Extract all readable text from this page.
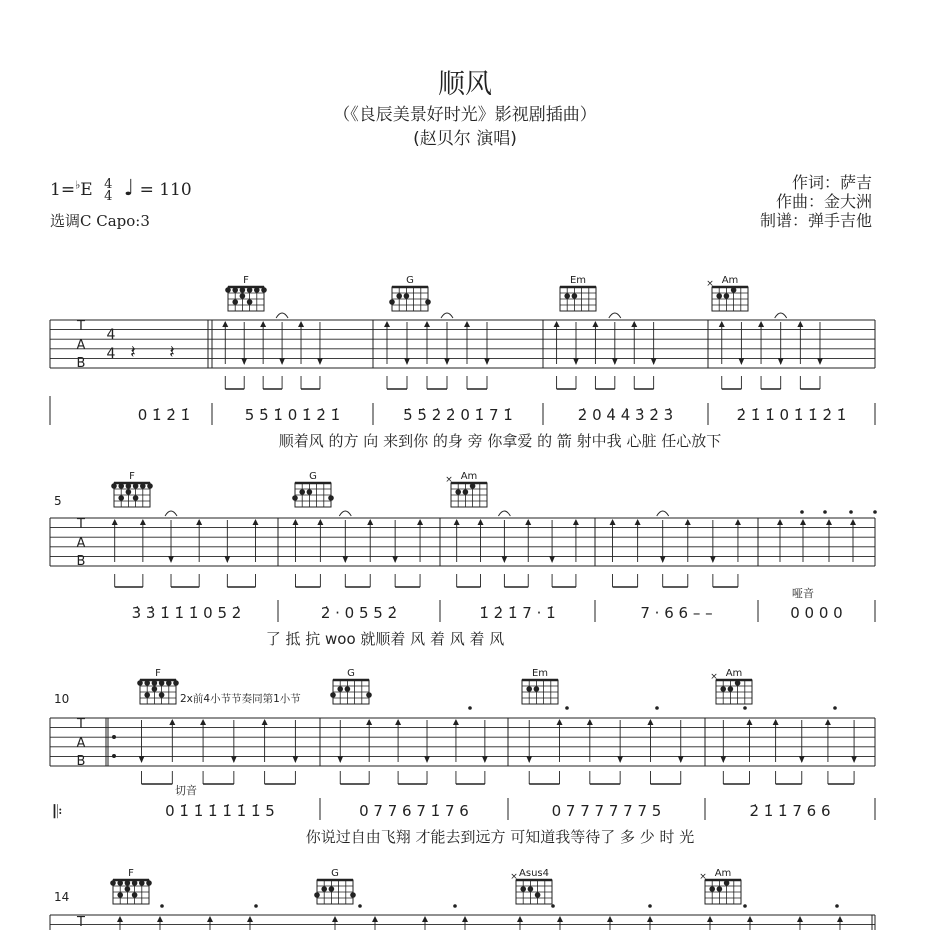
顺风
（《良辰美景好时光》影视剧插曲）
(赵贝尔 演唱)
1=♭E 4
4 ♩ = 110
选调C Capo:3
作词：萨吉
作曲：金大洲
制谱：弹手吉他
T
A
B
4
4 𝄽 𝄽
F	G	Em	Am
×
0 1̇ 2̇ 1̇	5 5̇ 1̇ 0 1̇ 2̇ 1̇	5̇ 5̇ 2̇ 2̇ 0 1̇ 7 1̇	2̇ 0 4̇ 4̇ 3̇ 2̇ 3̇	2̇ 1̇ 1̇ 0 1̇ 1̇ 2̇ 1̇
顺着风 的方 向 来到你 的身 旁 你拿爱 的 箭 射中我 心脏 任心放下
T
A
B
5
F	G	Am
×
哑音
3̇ 3̇ 1̇ 1̇ 1̇ 0 5 2̇	2̇ · 0 5 5 2̇	1̇ 2̇ 1̇ 7 · 1̇	7 · 6 6 – –	0 0 0 0
了 抵 抗 woo 就顺着 风 着 风 着 风
T
A
B
10
F	G	Em	Am
×
2x前4小节节奏同第1小节
切音
𝄆	0 1̇ 1̇ 1̇ 1̇ 1̇ 1̇ 5	0 7 7 6 7 1̇ 7 6	0 7 7 7 7 7 7 5	2̇ 1̇ 1̇ 7 6 6
你说过自由飞翔 才能去到远方 可知道我等待了 多 少 时 光
T
14
F	G	Asus4
×	Am
×
